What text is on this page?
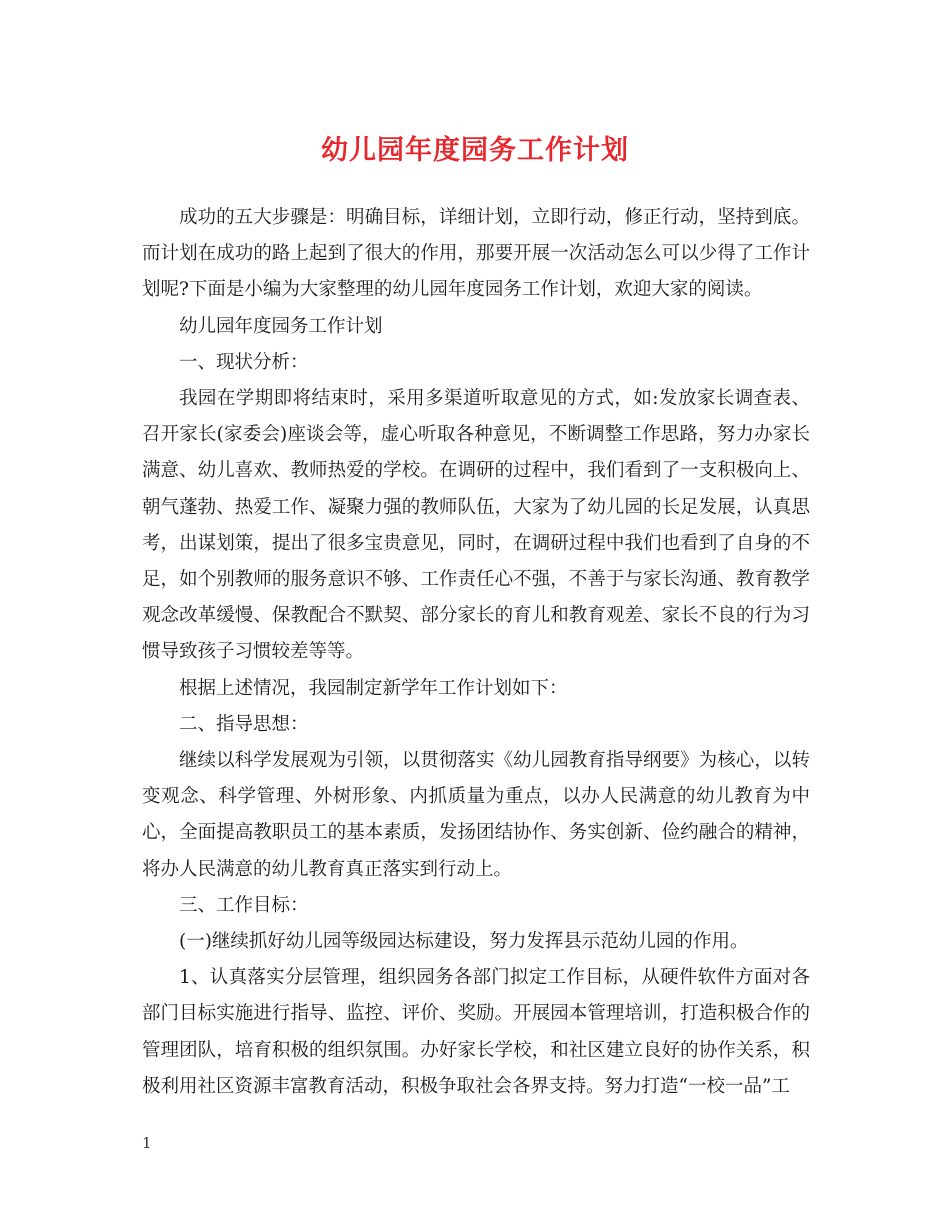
幼儿园年度园务工作计划

成功的五大步骤是：明确目标，详细计划，立即行动，修正行动，坚持到底。而计划在成功的路上起到了很大的作用，那要开展一次活动怎么可以少得了工作计划呢?下面是小编为大家整理的幼儿园年度园务工作计划，欢迎大家的阅读。

幼儿园年度园务工作计划

一、现状分析：

我园在学期即将结束时，采用多渠道听取意见的方式，如:发放家长调查表、召开家长(家委会)座谈会等，虚心听取各种意见，不断调整工作思路，努力办家长满意、幼儿喜欢、教师热爱的学校。在调研的过程中，我们看到了一支积极向上、朝气蓬勃、热爱工作、凝聚力强的教师队伍，大家为了幼儿园的长足发展，认真思考，出谋划策，提出了很多宝贵意见，同时，在调研过程中我们也看到了自身的不足，如个别教师的服务意识不够、工作责任心不强，不善于与家长沟通、教育教学观念改革缓慢、保教配合不默契、部分家长的育儿和教育观差、家长不良的行为习惯导致孩子习惯较差等等。

根据上述情况，我园制定新学年工作计划如下：

二、指导思想：

继续以科学发展观为引领，以贯彻落实《幼儿园教育指导纲要》为核心，以转变观念、科学管理、外树形象、内抓质量为重点，以办人民满意的幼儿教育为中心，全面提高教职员工的基本素质，发扬团结协作、务实创新、俭约融合的精神，将办人民满意的幼儿教育真正落实到行动上。

三、工作目标：

(一)继续抓好幼儿园等级园达标建设，努力发挥县示范幼儿园的作用。

1、认真落实分层管理，组织园务各部门拟定工作目标，从硬件软件方面对各部门目标实施进行指导、监控、评价、奖励。开展园本管理培训，打造积极合作的管理团队，培育积极的组织氛围。办好家长学校，和社区建立良好的协作关系，积极利用社区资源丰富教育活动，积极争取社会各界支持。努力打造“一校一品”工

1
